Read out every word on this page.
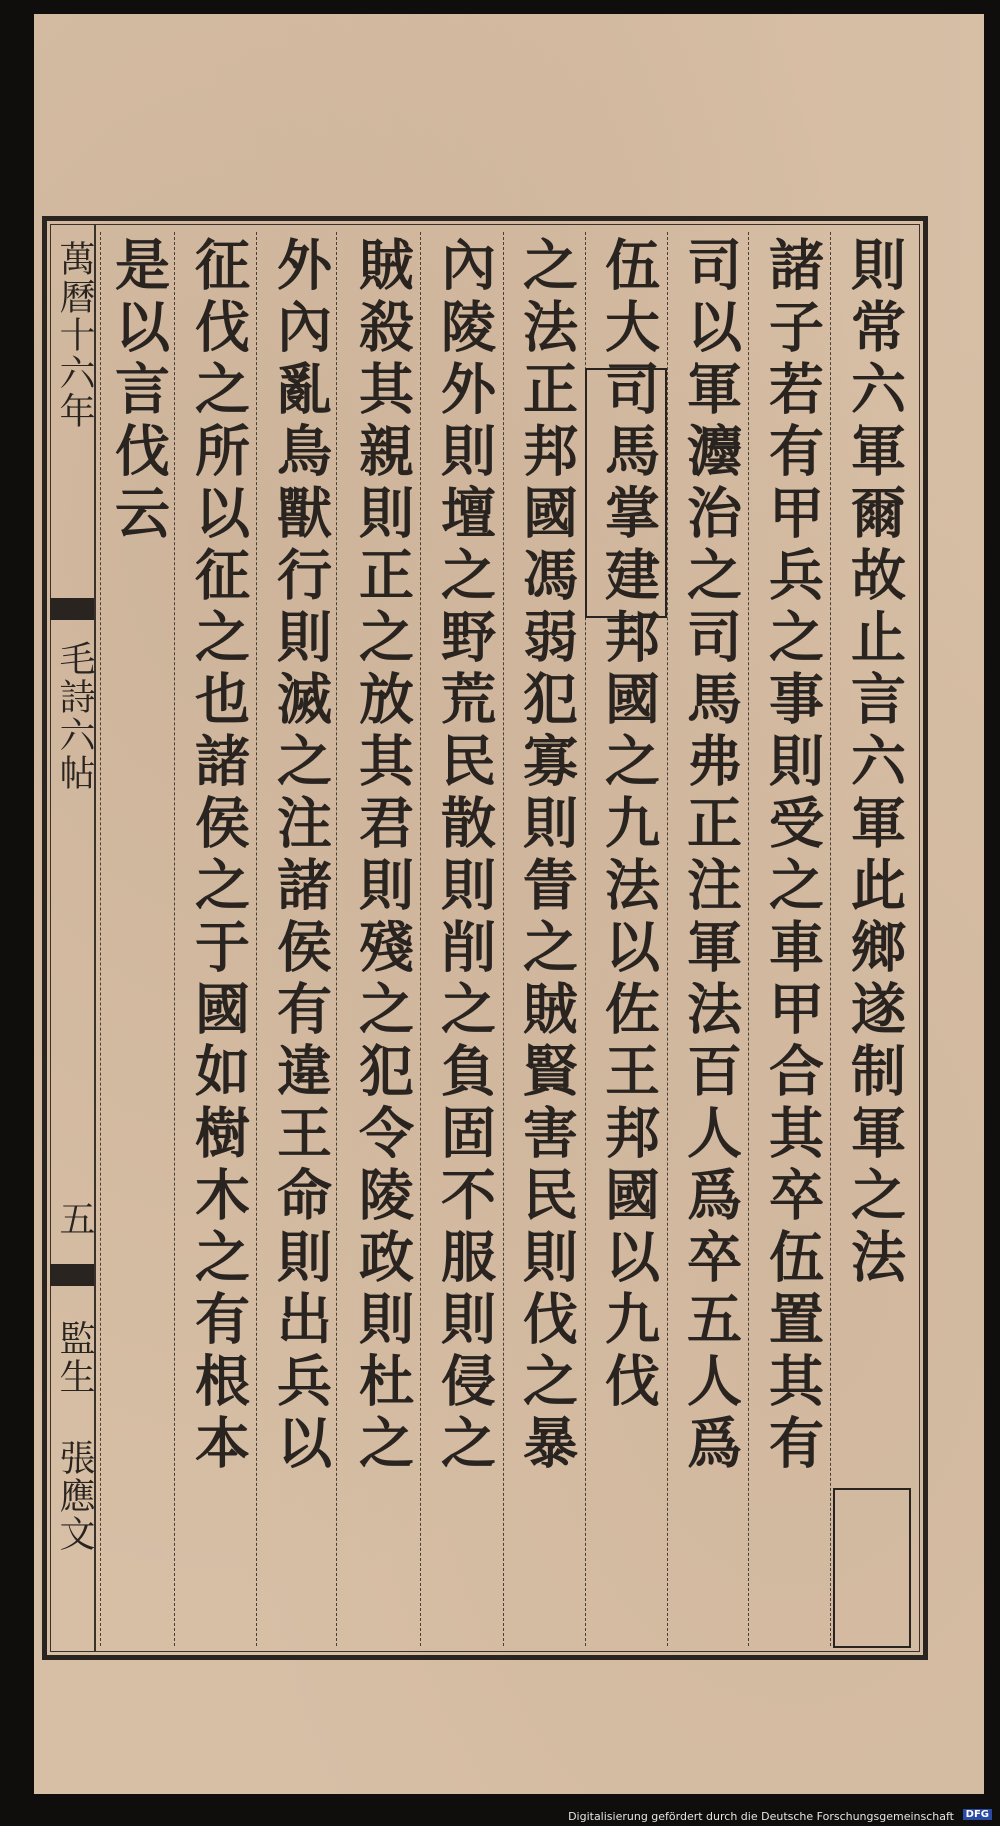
萬曆十六年
毛詩六帖
五
監生 張應文
則常六軍爾故止言六軍此鄉遂制軍之法
諸子若有甲兵之事則受之車甲合其卒伍置其有
司以軍灋治之司馬弗正注軍法百人爲卒五人爲
伍大司馬掌建邦國之九法以佐王邦國以九伐
之法正邦國馮弱犯寡則眚之賊賢害民則伐之暴
內陵外則壇之野荒民散則削之負固不服則侵之
賊殺其親則正之放其君則殘之犯令陵政則杜之
外內亂鳥獸行則滅之注諸侯有違王命則出兵以
征伐之所以征之也諸侯之于國如樹木之有根本
是以言伐云
Digitalisierung gefördert durch die Deutsche Forschungsgemeinschaft	DFG
